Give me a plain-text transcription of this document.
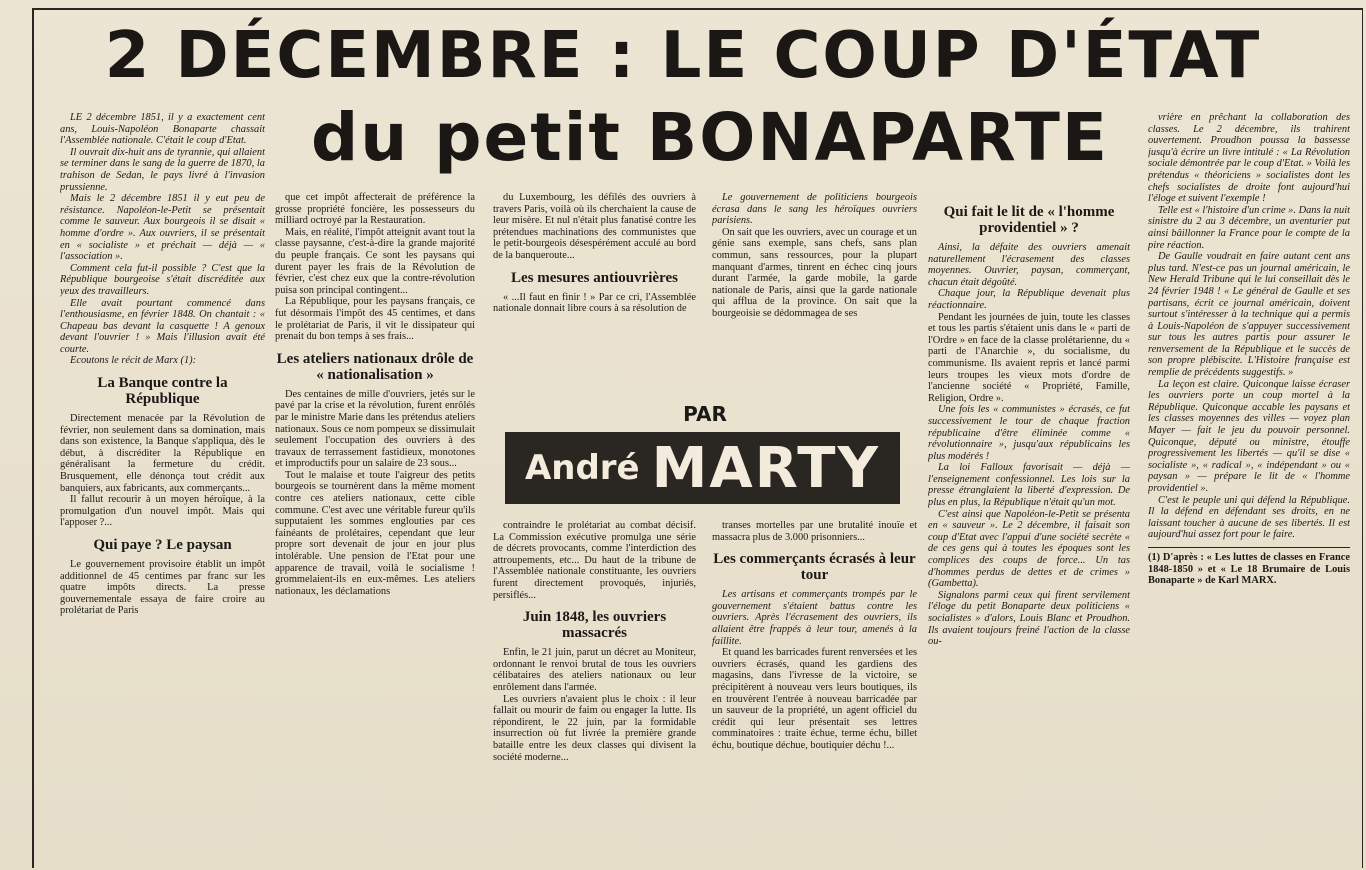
2 DÉCEMBRE : LE COUP D'ÉTAT
du petit BONAPARTE

LE 2 décembre 1851, il y a exactement cent ans, Louis-Napoléon Bonaparte chassait l'Assemblée nationale. C'était le coup d'Etat.

Il ouvrait dix-huit ans de tyrannie, qui allaient se terminer dans le sang de la guerre de 1870, la trahison de Sedan, le pays livré à l'invasion prussienne.

Mais le 2 décembre 1851 il y eut peu de résistance. Napoléon-le-Petit se présentait comme le sauveur. Aux bourgeois il se disait « homme d'ordre ». Aux ouvriers, il se présentait en « socialiste » et préchait — déjà — « l'association ».

Comment cela fut-il possible ? C'est que la République bourgeoise s'était discréditée aux yeux des travailleurs.

Elle avait pourtant commencé dans l'enthousiasme, en février 1848. On chantait : « Chapeau bas devant la casquette ! A genoux devant l'ouvrier ! » Mais l'illusion avait été courte.

Ecoutons le récit de Marx (1):

La Banque contre la République

Directement menacée par la Révolution de février, non seulement dans sa domination, mais dans son existence, la Banque s'appliqua, dès le début, à discréditer la République en généralisant la fermeture du crédit. Brusquement, elle dénonça tout crédit aux banquiers, aux fabricants, aux commerçants...

Il fallut recourir à un moyen héroïque, à la promulgation d'un nouvel impôt. Mais qui l'apposer ?...

Qui paye ? Le paysan

Le gouvernement provisoire établit un impôt additionnel de 45 centimes par franc sur les quatre impôts directs. La presse gouvernementale essaya de faire croire au prolétariat de Paris

que cet impôt affecterait de préférence la grosse propriété foncière, les possesseurs du milliard octroyé par la Restauration.

Mais, en réalité, l'impôt atteignit avant tout la classe paysanne, c'est-à-dire la grande majorité du peuple français. Ce sont les paysans qui durent payer les frais de la Révolution de février, c'est chez eux que la contre-révolution puisa son principal contingent...

La République, pour les paysans français, ce fut désormais l'impôt des 45 centimes, et dans le prolétariat de Paris, il vit le dissipateur qui prenait du bon temps à ses frais...

Les ateliers nationaux drôle de « nationalisation »

Des centaines de mille d'ouvriers, jetés sur le pavé par la crise et la révolution, furent enrôlés par le ministre Marie dans les prétendus ateliers nationaux. Sous ce nom pompeux se dissimulait seulement l'occupation des ouvriers à des travaux de terrassement fastidieux, monotones et improductifs pour un salaire de 23 sous...

Tout le malaise et toute l'aigreur des petits bourgeois se tournèrent dans la même moment contre ces ateliers nationaux, cette cible commune. C'est avec une véritable fureur qu'ils supputaient les sommes englouties par ces fainéants de prolétaires, cependant que leur propre sort devenait de jour en jour plus intolérable. Une pension de l'Etat pour une apparence de travail, voilà le socialisme ! grommelaient-ils en eux-mêmes. Les ateliers nationaux, les déclamations

du Luxembourg, les défilés des ouvriers à travers Paris, voilà où ils cherchaient la cause de leur misère. Et nul n'était plus fanatisé contre les prétendues machinations des communistes que le petit-bourgeois désespérément acculé au bord de la banqueroute...

Les mesures antiouvrières

« ...Il faut en finir ! » Par ce cri, l'Assemblée nationale donnait libre cours à sa résolution de

Le gouvernement de politiciens bourgeois écrasa dans le sang les héroïques ouvriers parisiens.

On sait que les ouvriers, avec un courage et un génie sans exemple, sans chefs, sans plan commun, sans ressources, pour la plupart manquant d'armes, tinrent en échec cinq jours durant l'armée, la garde mobile, la garde nationale de Paris, ainsi que la garde nationale qui afflua de la province. On sait que la bourgeoisie se dédommagea de ses

PAR
André MARTY

contraindre le prolétariat au combat décisif. La Commission exécutive promulga une série de décrets provocants, comme l'interdiction des attroupements, etc... Du haut de la tribune de l'Assemblée nationale constituante, les ouvriers furent directement provoqués, injuriés, persiflés...

Juin 1848, les ouvriers massacrés

Enfin, le 21 juin, parut un décret au Moniteur, ordonnant le renvoi brutal de tous les ouvriers célibataires des ateliers nationaux ou leur enrôlement dans l'armée.

Les ouvriers n'avaient plus le choix : il leur fallait ou mourir de faim ou engager la lutte. Ils répondirent, le 22 juin, par la formidable insurrection où fut livrée la première grande bataille entre les deux classes qui divisent la société moderne...

transes mortelles par une brutalité inouïe et massacra plus de 3.000 prisonniers...

Les commerçants écrasés à leur tour

Les artisans et commerçants trompés par le gouvernement s'étaient battus contre les ouvriers. Après l'écrasement des ouvriers, ils allaient être frappés à leur tour, amenés à la faillite.

Et quand les barricades furent renversées et les ouvriers écrasés, quand les gardiens des magasins, dans l'ivresse de la victoire, se précipitèrent à nouveau vers leurs boutiques, ils en trouvèrent l'entrée à nouveau barricadée par un sauveur de la propriété, un agent officiel du crédit qui leur présentait ses lettres comminatoires : traite échue, terme échu, billet échu, boutique déchue, boutiquier déchu !...

Qui fait le lit de « l'homme providentiel » ?

Ainsi, la défaite des ouvriers amenait naturellement l'écrasement des classes moyennes. Ouvrier, paysan, commerçant, chacun était dégoûté.

Chaque jour, la République devenait plus réactionnaire.

Pendant les journées de juin, toute les classes et tous les partis s'étaient unis dans le « parti de l'Ordre » en face de la classe prolétarienne, du « parti de l'Anarchie », du socialisme, du communisme. Ils avaient repris et lancé parmi leurs troupes les vieux mots d'ordre de l'ancienne société « Propriété, Famille, Religion, Ordre ».

Une fois les « communistes » écrasés, ce fut successivement le tour de chaque fraction républicaine d'être éliminée comme « révolutionnaire », jusqu'aux républicains les plus modérés !

La loi Falloux favorisait — déjà — l'enseignement confessionnel. Les lois sur la presse étranglaient la liberté d'expression. De plus en plus, la République n'était qu'un mot.

C'est ainsi que Napoléon-le-Petit se présenta en « sauveur ». Le 2 décembre, il faisait son coup d'Etat avec l'appui d'une société secrète « de ces gens qui à toutes les époques sont les complices des coups de force... Un tas d'hommes perdus de dettes et de crimes » (Gambetta).

Signalons parmi ceux qui firent servilement l'éloge du petit Bonaparte deux politiciens « socialistes » d'alors, Louis Blanc et Proudhon. Ils avaient toujours freiné l'action de la classe ou-

vrière en prêchant la collaboration des classes. Le 2 décembre, ils trahirent ouvertement. Proudhon poussa la bassesse jusqu'à écrire un livre intitulé : « La Révolution sociale démontrée par le coup d'Etat. » Voilà les prétendus « théoriciens » socialistes dont les chefs socialistes de droite font aujourd'hui l'éloge et suivent l'exemple !

Telle est « l'histoire d'un crime ». Dans la nuit sinistre du 2 au 3 décembre, un aventurier put ainsi bâillonner la France pour le compte de la pire réaction.

De Gaulle voudrait en faire autant cent ans plus tard. N'est-ce pas un journal américain, le New Herald Tribune qui le lui conseillait dès le 24 février 1948 ! « Le général de Gaulle et ses partisans, écrit ce journal américain, doivent surtout s'intéresser à la technique qui a permis à Louis-Napoléon de s'appuyer successivement sur tous les autres partis pour assurer le renversement de la République et le succès de son propre plébiscite. L'Histoire française est remplie de précédents suggestifs. »

La leçon est claire. Quiconque laisse écraser les ouvriers porte un coup mortel à la République. Quiconque accable les paysans et les classes moyennes des villes — voyez plan Mayer — fait le jeu du pouvoir personnel. Quiconque, député ou ministre, étouffe progressivement les libertés — qu'il se dise « socialiste », « radical », « indépendant » ou « paysan » — prépare le lit de « l'homme providentiel ».

C'est le peuple uni qui défend la République. Il la défend en défendant ses droits, en ne laissant toucher à aucune de ses libertés. Il est aujourd'hui assez fort pour le faire.

(1) D'après : « Les luttes de classes en France 1848-1850 » et « Le 18 Brumaire de Louis Bonaparte » de Karl MARX.
